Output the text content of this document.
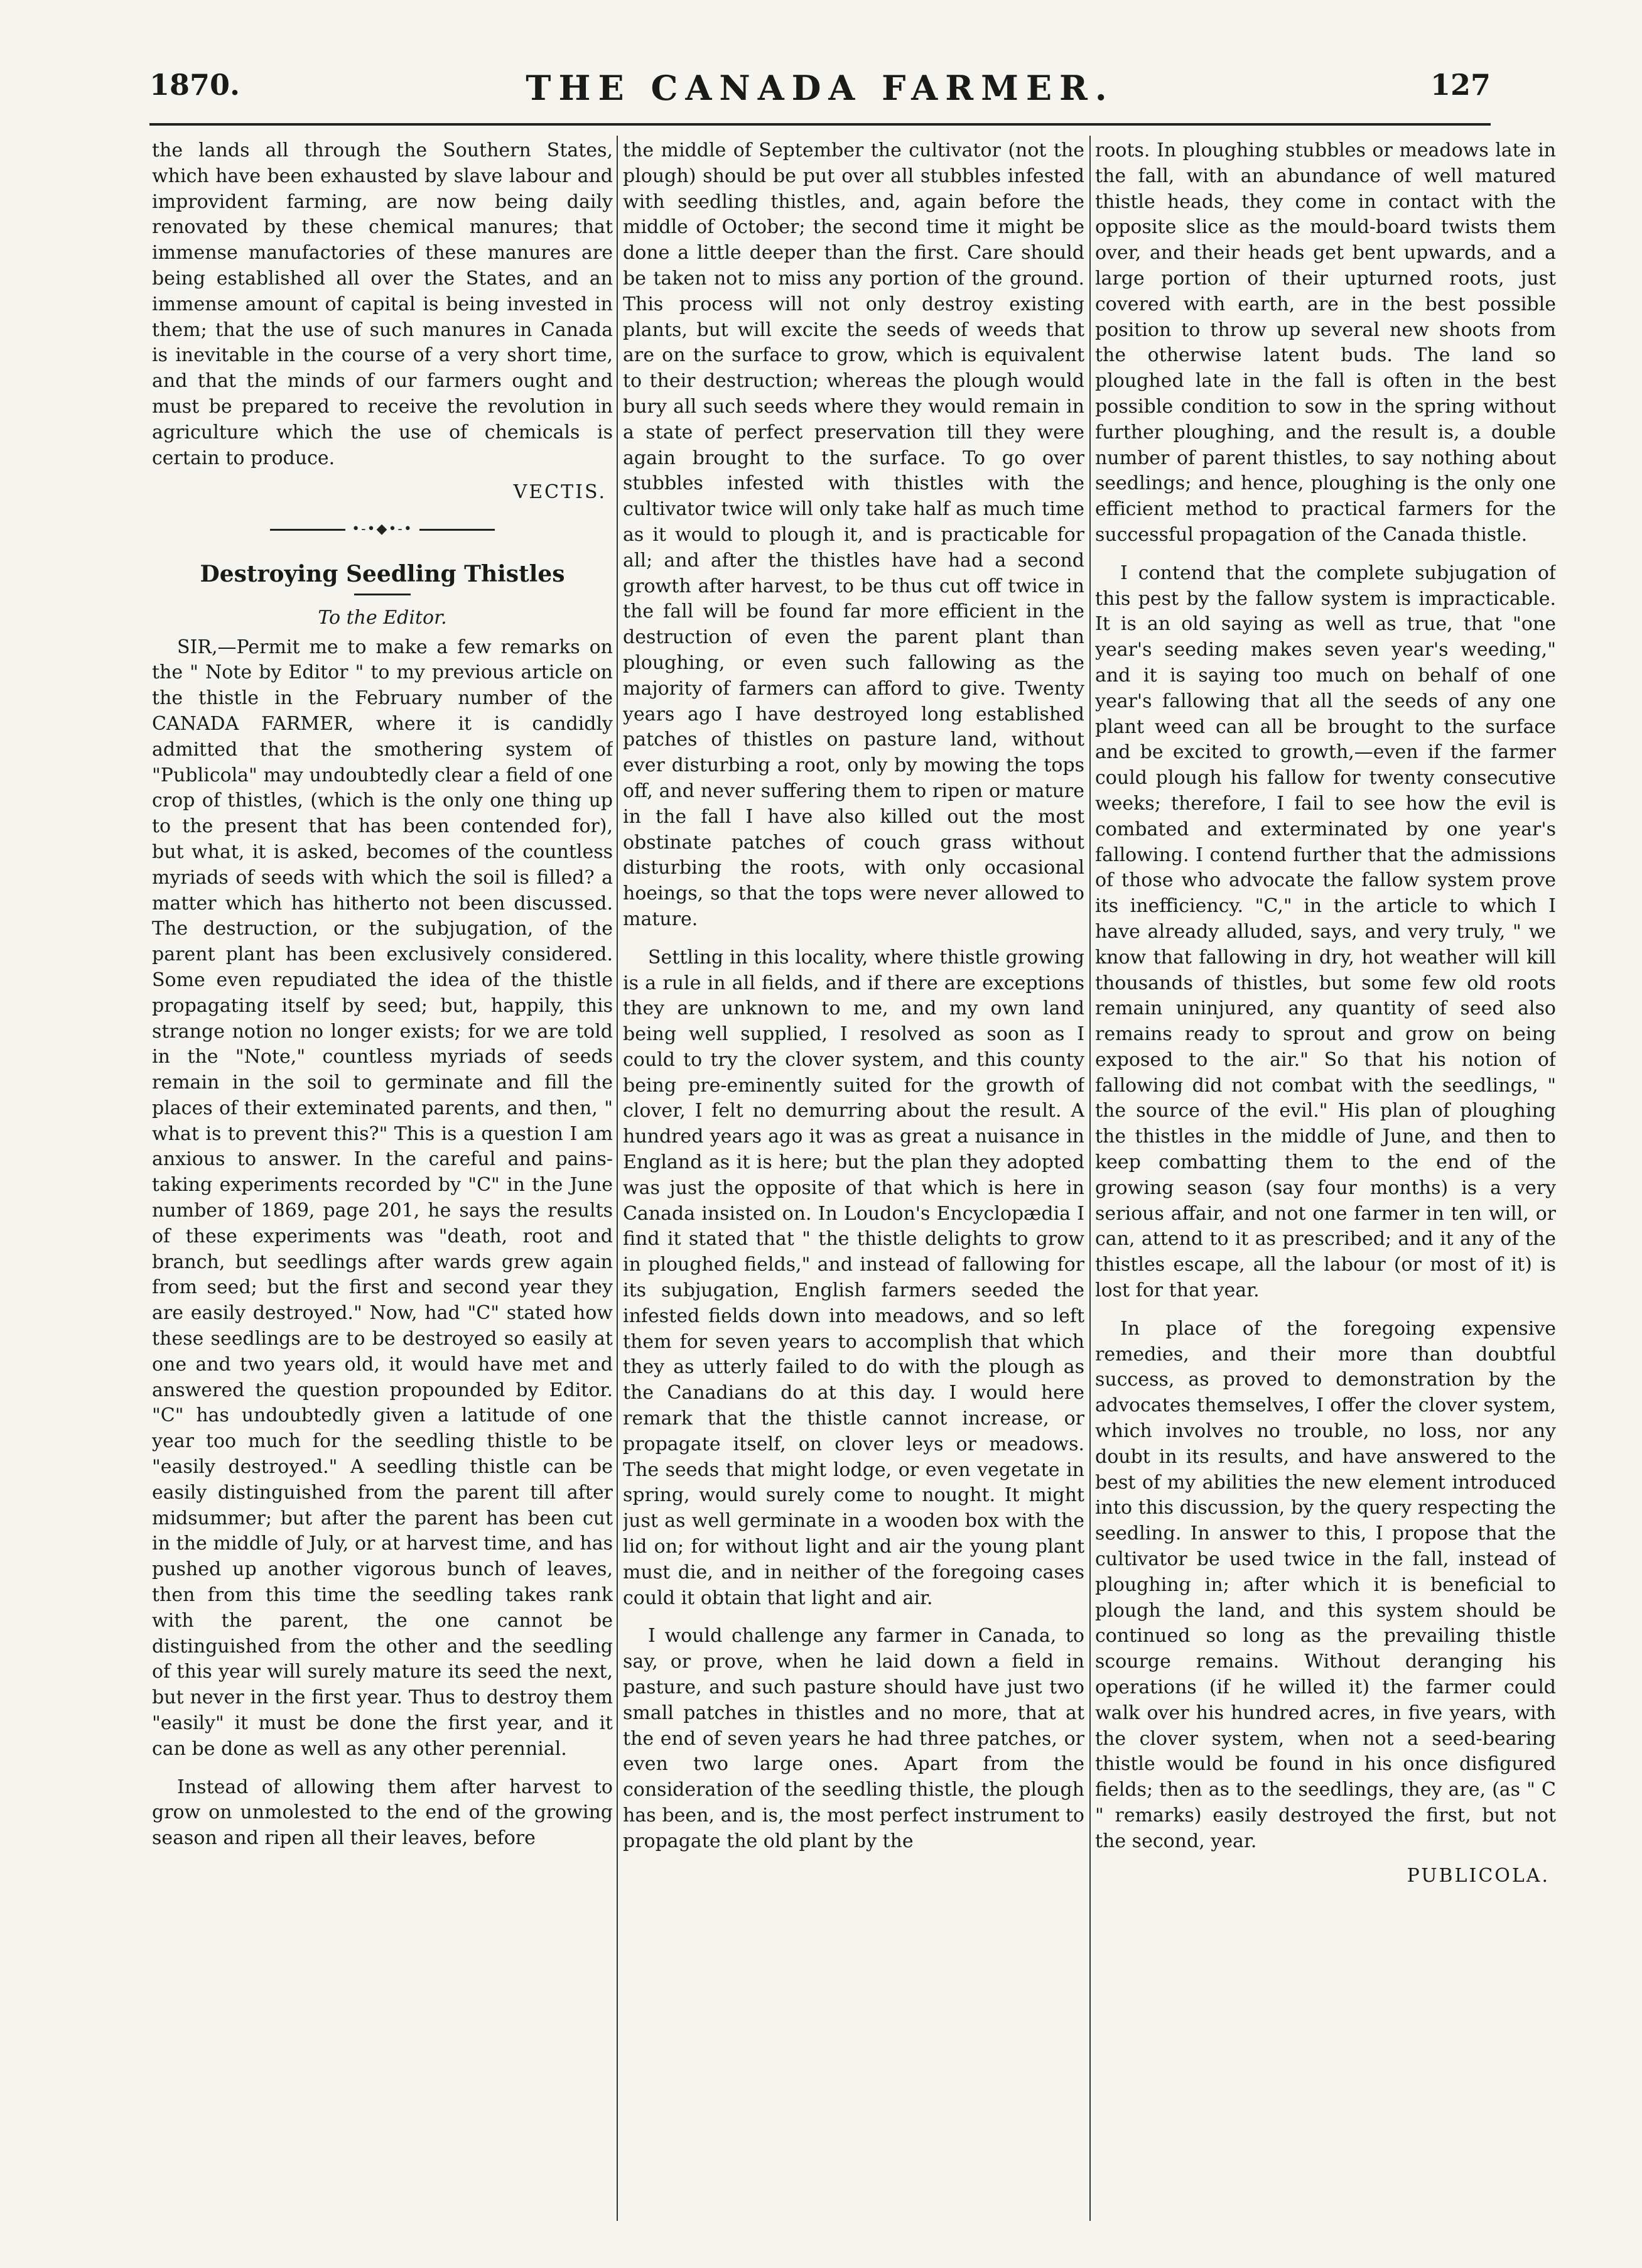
1870.	THE CANADA FARMER.	127

the lands all through the Southern States, which have been exhausted by slave labour and improvident farming, are now being daily renovated by these chemical manures; that immense manufactories of these manures are being established all over the States, and an immense amount of capital is being invested in them; that the use of such manures in Canada is inevitable in the course of a very short time, and that the minds of our farmers ought and must be prepared to receive the revolution in agriculture which the use of chemicals is certain to produce.

VECTIS.
•-•◆•-•
Destroying Seedling Thistles
To the Editor.

SIR,—Permit me to make a few remarks on the " Note by Editor " to my previous article on the thistle in the February number of the CANADA FARMER, where it is candidly admitted that the smothering system of "Publicola" may undoubtedly clear a field of one crop of thistles, (which is the only one thing up to the present that has been contended for), but what, it is asked, becomes of the countless myriads of seeds with which the soil is filled? a matter which has hitherto not been discussed. The destruction, or the subjugation, of the parent plant has been exclusively considered. Some even repudiated the idea of the thistle propagating itself by seed; but, happily, this strange notion no longer exists; for we are told in the "Note," countless myriads of seeds remain in the soil to germinate and fill the places of their exteminated parents, and then, " what is to prevent this?" This is a question I am anxious to answer. In the careful and pains-taking experiments recorded by "C" in the June number of 1869, page 201, he says the results of these experiments was "death, root and branch, but seedlings after wards grew again from seed; but the first and second year they are easily destroyed." Now, had "C" stated how these seedlings are to be destroyed so easily at one and two years old, it would have met and answered the question propounded by Editor. "C" has undoubtedly given a latitude of one year too much for the seedling thistle to be "easily destroyed." A seedling thistle can be easily distinguished from the parent till after midsummer; but after the parent has been cut in the middle of July, or at harvest time, and has pushed up another vigorous bunch of leaves, then from this time the seedling takes rank with the parent, the one cannot be distinguished from the other and the seedling of this year will surely mature its seed the next, but never in the first year. Thus to destroy them "easily" it must be done the first year, and it can be done as well as any other perennial.

Instead of allowing them after harvest to grow on unmolested to the end of the growing season and ripen all their leaves, before

the middle of September the cultivator (not the plough) should be put over all stubbles infested with seedling thistles, and, again before the middle of October; the second time it might be done a little deeper than the first. Care should be taken not to miss any portion of the ground. This process will not only destroy existing plants, but will excite the seeds of weeds that are on the surface to grow, which is equivalent to their destruction; whereas the plough would bury all such seeds where they would remain in a state of perfect preservation till they were again brought to the surface. To go over stubbles infested with thistles with the cultivator twice will only take half as much time as it would to plough it, and is practicable for all; and after the thistles have had a second growth after harvest, to be thus cut off twice in the fall will be found far more efficient in the destruction of even the parent plant than ploughing, or even such fallowing as the majority of farmers can afford to give. Twenty years ago I have destroyed long established patches of thistles on pasture land, without ever disturbing a root, only by mowing the tops off, and never suffering them to ripen or mature in the fall I have also killed out the most obstinate patches of couch grass without disturbing the roots, with only occasional hoeings, so that the tops were never allowed to mature.

Settling in this locality, where thistle growing is a rule in all fields, and if there are exceptions they are unknown to me, and my own land being well supplied, I resolved as soon as I could to try the clover system, and this county being pre-eminently suited for the growth of clover, I felt no demurring about the result. A hundred years ago it was as great a nuisance in England as it is here; but the plan they adopted was just the opposite of that which is here in Canada insisted on. In Loudon's Encyclopædia I find it stated that " the thistle delights to grow in ploughed fields," and instead of fallowing for its subjugation, English farmers seeded the infested fields down into meadows, and so left them for seven years to accomplish that which they as utterly failed to do with the plough as the Canadians do at this day. I would here remark that the thistle cannot increase, or propagate itself, on clover leys or meadows. The seeds that might lodge, or even vegetate in spring, would surely come to nought. It might just as well germinate in a wooden box with the lid on; for without light and air the young plant must die, and in neither of the foregoing cases could it obtain that light and air.

I would challenge any farmer in Canada, to say, or prove, when he laid down a field in pasture, and such pasture should have just two small patches in thistles and no more, that at the end of seven years he had three patches, or even two large ones. Apart from the consideration of the seedling thistle, the plough has been, and is, the most perfect instrument to propagate the old plant by the

roots. In ploughing stubbles or meadows late in the fall, with an abundance of well matured thistle heads, they come in contact with the opposite slice as the mould-board twists them over, and their heads get bent upwards, and a large portion of their upturned roots, just covered with earth, are in the best possible position to throw up several new shoots from the otherwise latent buds. The land so ploughed late in the fall is often in the best possible condition to sow in the spring without further ploughing, and the result is, a double number of parent thistles, to say nothing about seedlings; and hence, ploughing is the only one efficient method to practical farmers for the successful propagation of the Canada thistle.

I contend that the complete subjugation of this pest by the fallow system is impracticable. It is an old saying as well as true, that "one year's seeding makes seven year's weeding," and it is saying too much on behalf of one year's fallowing that all the seeds of any one plant weed can all be brought to the surface and be excited to growth,—even if the farmer could plough his fallow for twenty consecutive weeks; therefore, I fail to see how the evil is combated and exterminated by one year's fallowing. I contend further that the admissions of those who advocate the fallow system prove its inefficiency. "C," in the article to which I have already alluded, says, and very truly, " we know that fallowing in dry, hot weather will kill thousands of thistles, but some few old roots remain uninjured, any quantity of seed also remains ready to sprout and grow on being exposed to the air." So that his notion of fallowing did not combat with the seedlings, " the source of the evil." His plan of ploughing the thistles in the middle of June, and then to keep combatting them to the end of the growing season (say four months) is a very serious affair, and not one farmer in ten will, or can, attend to it as prescribed; and it any of the thistles escape, all the labour (or most of it) is lost for that year.

In place of the foregoing expensive remedies, and their more than doubtful success, as proved to demonstration by the advocates themselves, I offer the clover system, which involves no trouble, no loss, nor any doubt in its results, and have answered to the best of my abilities the new element introduced into this discussion, by the query respecting the seedling. In answer to this, I propose that the cultivator be used twice in the fall, instead of ploughing in; after which it is beneficial to plough the land, and this system should be continued so long as the prevailing thistle scourge remains. Without deranging his operations (if he willed it) the farmer could walk over his hundred acres, in five years, with the clover system, when not a seed-bearing thistle would be found in his once disfigured fields; then as to the seedlings, they are, (as " C " remarks) easily destroyed the first, but not the second, year.

PUBLICOLA.
